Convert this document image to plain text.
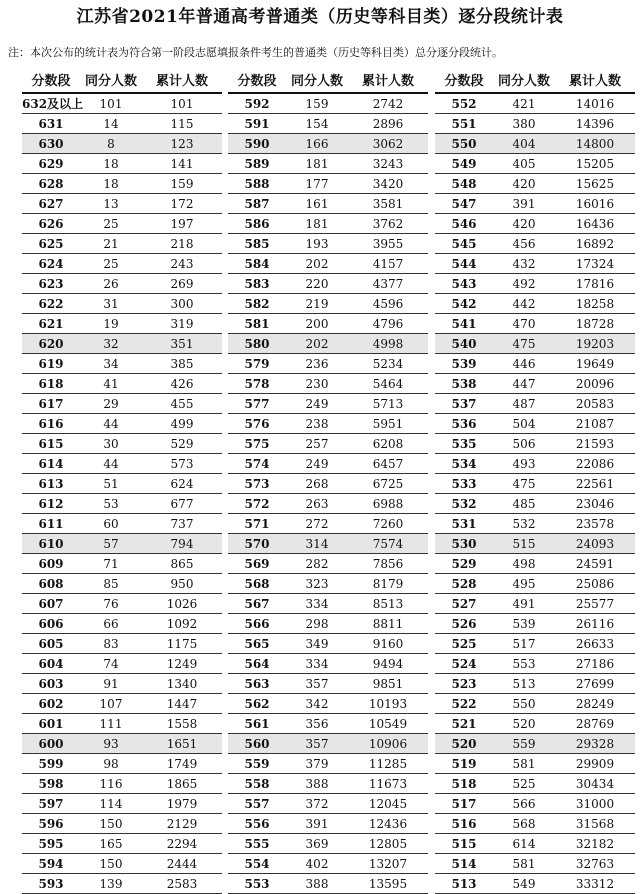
江苏省2021年普通高考普通类（历史等科目类）逐分段统计表
注：本次公布的统计表为符合第一阶段志愿填报条件考生的普通类（历史等科目类）总分逐分段统计。
分数段	同分人数	累计人数
632及以上	101	101
631	14	115
630	8	123
629	18	141
628	18	159
627	13	172
626	25	197
625	21	218
624	25	243
623	26	269
622	31	300
621	19	319
620	32	351
619	34	385
618	41	426
617	29	455
616	44	499
615	30	529
614	44	573
613	51	624
612	53	677
611	60	737
610	57	794
609	71	865
608	85	950
607	76	1026
606	66	1092
605	83	1175
604	74	1249
603	91	1340
602	107	1447
601	111	1558
600	93	1651
599	98	1749
598	116	1865
597	114	1979
596	150	2129
595	165	2294
594	150	2444
593	139	2583
分数段	同分人数	累计人数
592	159	2742
591	154	2896
590	166	3062
589	181	3243
588	177	3420
587	161	3581
586	181	3762
585	193	3955
584	202	4157
583	220	4377
582	219	4596
581	200	4796
580	202	4998
579	236	5234
578	230	5464
577	249	5713
576	238	5951
575	257	6208
574	249	6457
573	268	6725
572	263	6988
571	272	7260
570	314	7574
569	282	7856
568	323	8179
567	334	8513
566	298	8811
565	349	9160
564	334	9494
563	357	9851
562	342	10193
561	356	10549
560	357	10906
559	379	11285
558	388	11673
557	372	12045
556	391	12436
555	369	12805
554	402	13207
553	388	13595
分数段	同分人数	累计人数
552	421	14016
551	380	14396
550	404	14800
549	405	15205
548	420	15625
547	391	16016
546	420	16436
545	456	16892
544	432	17324
543	492	17816
542	442	18258
541	470	18728
540	475	19203
539	446	19649
538	447	20096
537	487	20583
536	504	21087
535	506	21593
534	493	22086
533	475	22561
532	485	23046
531	532	23578
530	515	24093
529	498	24591
528	495	25086
527	491	25577
526	539	26116
525	517	26633
524	553	27186
523	513	27699
522	550	28249
521	520	28769
520	559	29328
519	581	29909
518	525	30434
517	566	31000
516	568	31568
515	614	32182
514	581	32763
513	549	33312
